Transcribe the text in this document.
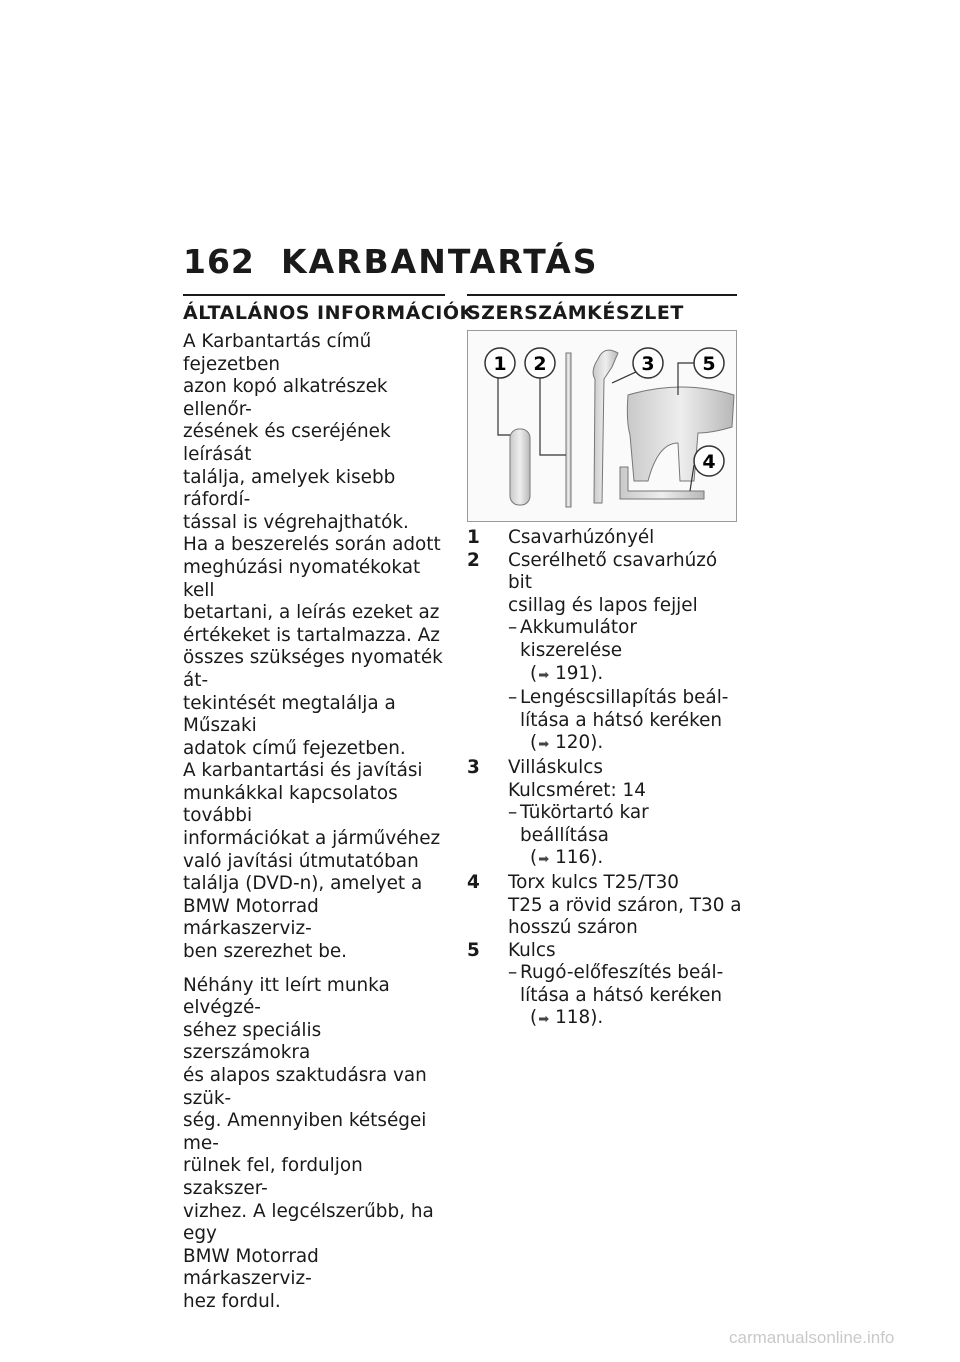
162 KARBANTARTÁS
ÁLTALÁNOS INFORMÁCIÓK

A Karbantartás című fejezetben
azon kopó alkatrészek ellenőr-
zésének és cseréjének leírását
találja, amelyek kisebb ráfordí-
tással is végrehajthatók.

Ha a beszerelés során adott
meghúzási nyomatékokat kell
betartani, a leírás ezeket az
értékeket is tartalmazza. Az
összes szükséges nyomaték át-
tekintését megtalálja a Műszaki
adatok című fejezetben.

A karbantartási és javítási
munkákkal kapcsolatos további
információkat a járművéhez
való javítási útmutatóban
találja (DVD-n), amelyet a
BMW Motorrad márkaszerviz-
ben szerezhet be.

Néhány itt leírt munka elvégzé-
séhez speciális szerszámokra
és alapos szaktudásra van szük-
ség. Amennyiben kétségei me-
rülnek fel, forduljon szakszer-
vizhez. A legcélszerűbb, ha egy
BMW Motorrad márkaszerviz-
hez fordul.

SZERSZÁMKÉSZLET
1 2	3	5
4
1	Csavarhúzónyél
2	Cserélhető csavarhúzó bit
csillag és lapos fejjel
– Akkumulátor kiszerelése
(➡ 191).
– Lengéscsillapítás beál-
lítása a hátsó keréken
(➡ 120).
3	Villáskulcs
Kulcsméret: 14
– Tükörtartó kar beállítása
(➡ 116).
4	Torx kulcs T25/T30
T25 a rövid száron, T30 a
hosszú száron
5	Kulcs
– Rugó-előfeszítés beál-
lítása a hátsó keréken
(➡ 118).
carmanualsonline.info
